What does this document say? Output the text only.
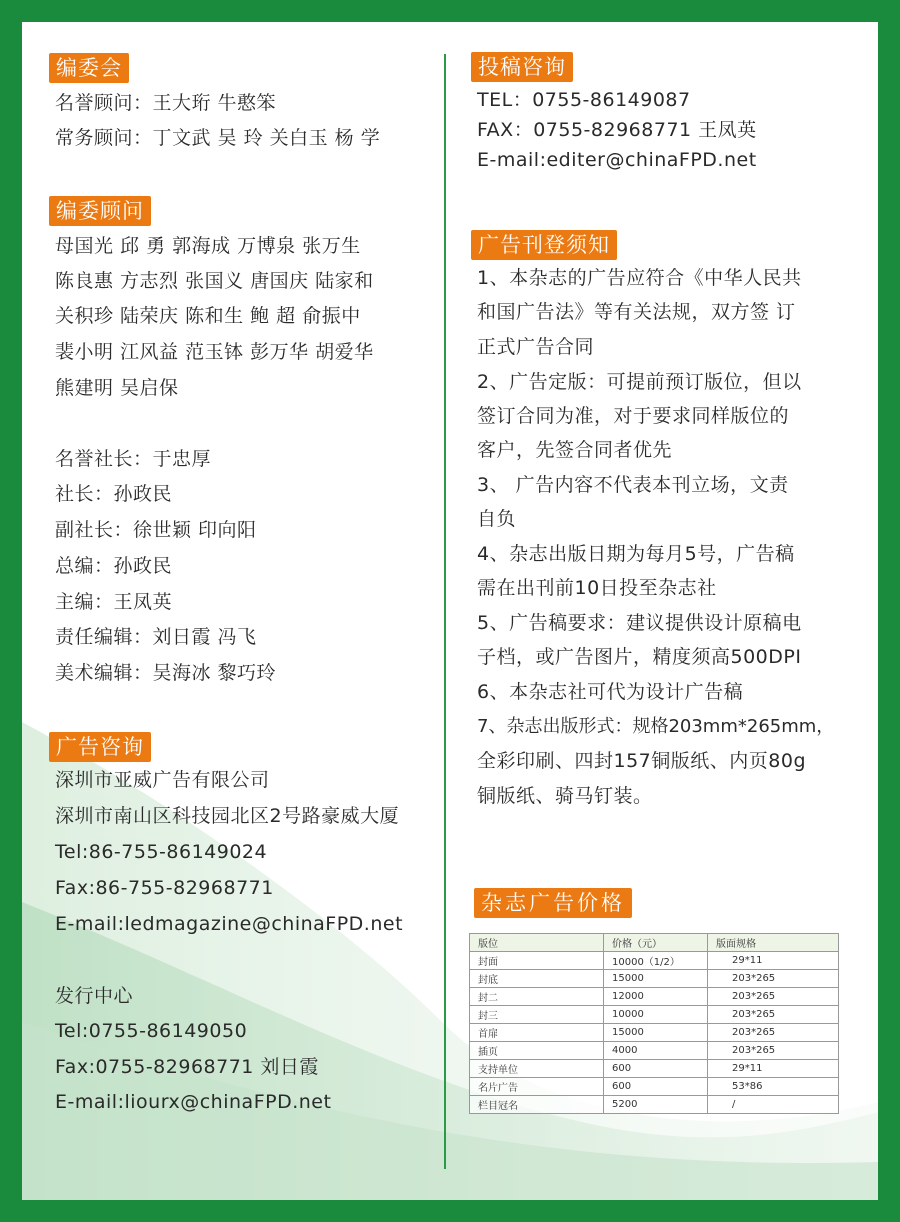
编委会
名誉顾问：王大珩 牛憨笨
常务顾问：丁文武 吴 玲 关白玉 杨 学
编委顾问
母国光 邱 勇 郭海成 万博泉 张万生
陈良惠 方志烈 张国义 唐国庆 陆家和
关积珍 陆荣庆 陈和生 鲍 超 俞振中
裴小明 江风益 范玉钵 彭万华 胡爱华
熊建明 吴启保
名誉社长：于忠厚
社长：孙政民
副社长：徐世颖 印向阳
总编：孙政民
主编：王凤英
责任编辑：刘日霞 冯飞
美术编辑：吴海冰 黎巧玲
广告咨询
深圳市亚威广告有限公司
深圳市南山区科技园北区2号路豪威大厦
Tel:86-755-86149024
Fax:86-755-82968771
E-mail:ledmagazine@chinaFPD.net
发行中心
Tel:0755-86149050
Fax:0755-82968771 刘日霞
E-mail:liourx@chinaFPD.net
投稿咨询
TEL：0755-86149087
FAX：0755-82968771 王凤英
E-mail:editer@chinaFPD.net
广告刊登须知
1、本杂志的广告应符合《中华人民共
和国广告法》等有关法规，双方签 订
正式广告合同
2、广告定版：可提前预订版位，但以
签订合同为准，对于要求同样版位的
客户，先签合同者优先
3、 广告内容不代表本刊立场，文责
自负
4、杂志出版日期为每月5号，广告稿
需在出刊前10日投至杂志社
5、广告稿要求：建议提供设计原稿电
子档，或广告图片，精度须高500DPI
6、本杂志社可代为设计广告稿
7、杂志出版形式：规格203mm*265mm，
全彩印刷、四封157铜版纸、内页80g
铜版纸、骑马钉装。
杂志广告价格
版位	价格（元）	版面规格
封面	10000（1/2）	29*11
封底	15000	203*265
封二	12000	203*265
封三	10000	203*265
首扉	15000	203*265
插页	4000	203*265
支持单位	600	29*11
名片广告	600	53*86
栏目冠名	5200	/
